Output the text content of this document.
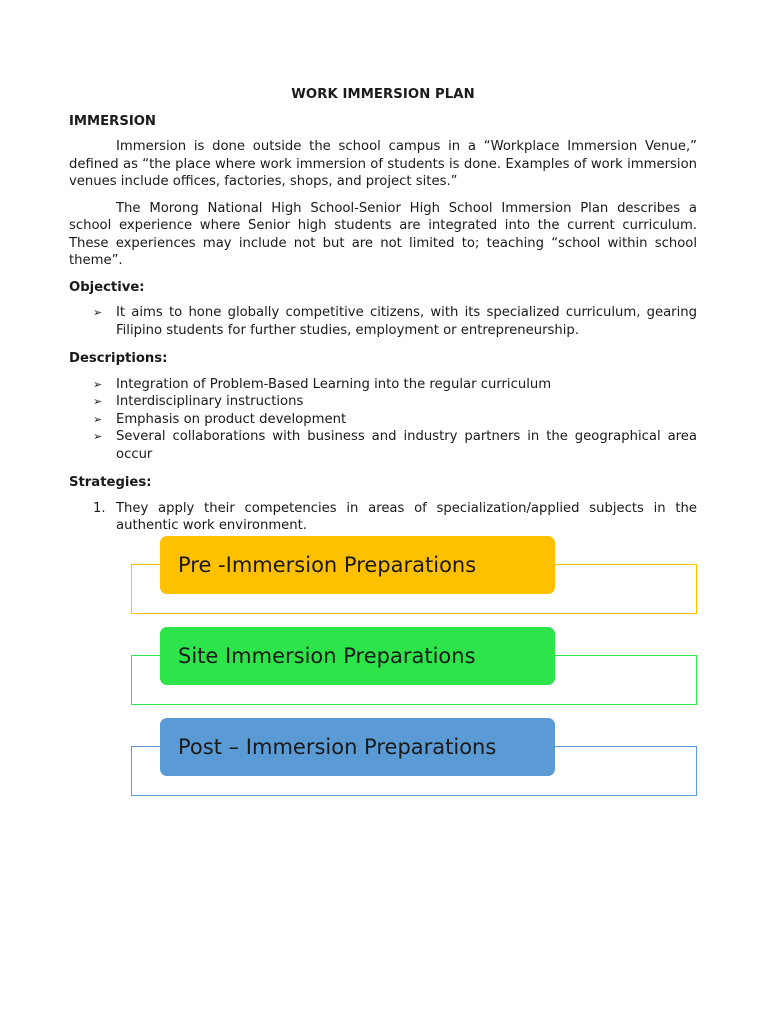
WORK IMMERSION PLAN
IMMERSION

Immersion is done outside the school campus in a “Workplace Immersion Venue,” defined as “the place where work immersion of students is done. Examples of work immersion venues include offices, factories, shops, and project sites.”

The Morong National High School-Senior High School Immersion Plan describes a school experience where Senior high students are integrated into the current curriculum. These experiences may include not but are not limited to; teaching “school within school theme”.

Objective:
➢ It aims to hone globally competitive citizens, with its specialized curriculum, gearing Filipino students for further studies, employment or entrepreneurship.
Descriptions:
➢ Integration of Problem-Based Learning into the regular curriculum
➢ Interdisciplinary instructions
➢ Emphasis on product development
➢ Several collaborations with business and industry partners in the geographical area occur
Strategies:
1. They apply their competencies in areas of specialization/applied subjects in the authentic work environment.
Pre -Immersion Preparations
Site Immersion Preparations
Post – Immersion Preparations
